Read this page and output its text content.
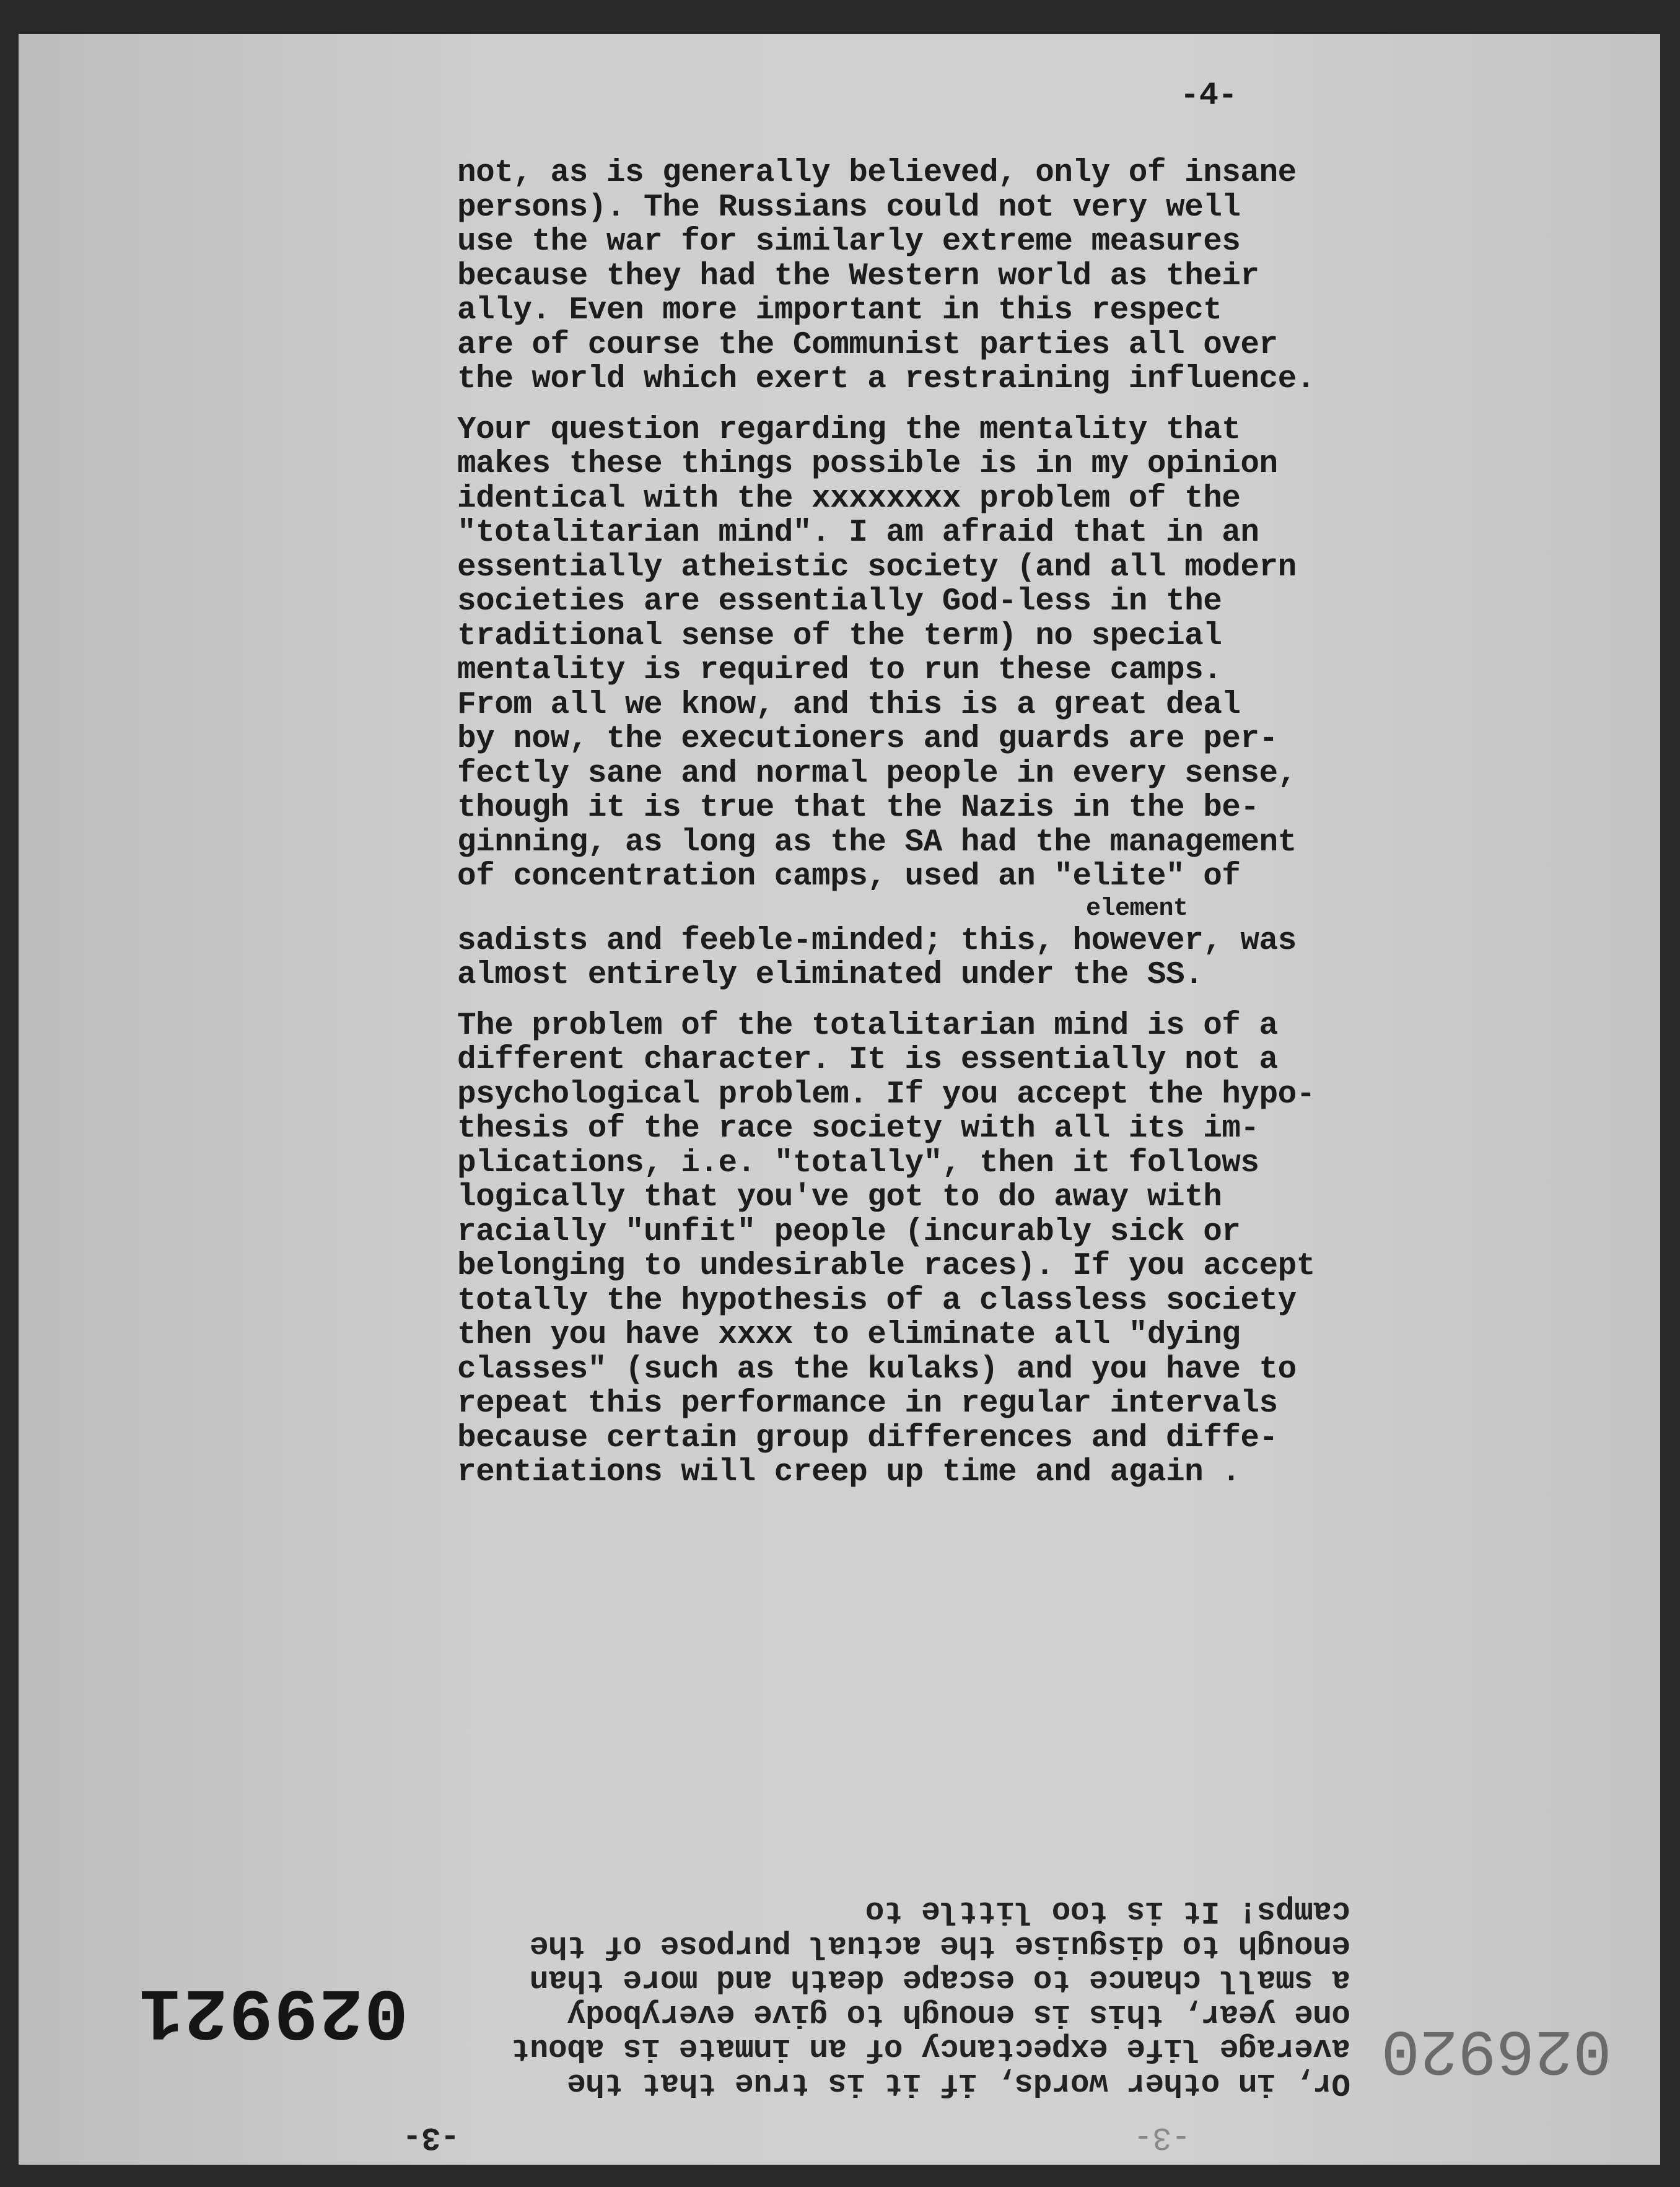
-4-
not, as is generally believed, only of insane
persons). The Russians could not very well
use the war for similarly extreme measures
because they had the Western world as their
ally. Even more important in this respect
are of course the Communist parties all over
the world which exert a restraining influence.
Your question regarding the mentality that
makes these things possible is in my opinion
identical with the xxxxxxxx problem of the
"totalitarian mind". I am afraid that in an
essentially atheistic society (and all modern
societies are essentially God-less in the
traditional sense of the term) no special
mentality is required to run these camps.
From all we know, and this is a great deal
by now, the executioners and guards are per-
fectly sane and normal people in every sense,
though it is true that the Nazis in the be-
ginning, as long as the SA had the management
of concentration camps, used an "elite" of
sadists and feeble-minded; this, however, was
element
almost entirely eliminated under the SS.
The problem of the totalitarian mind is of a
different character. It is essentially not a
psychological problem. If you accept the hypo-
thesis of the race society with all its im-
plications, i.e. "totally", then it follows
logically that you've got to do away with
racially "unfit" people (incurably sick or
belonging to undesirable races). If you accept
totally the hypothesis of a classless society
then you have xxxx to eliminate all "dying
classes" (such as the kulaks) and you have to
repeat this performance in regular intervals
because certain group differences and diffe-
rentiations will creep up time and again .
Or, in other words, if it is true that the
average life expectancy of an inmate is about
one year, this is enough to give everybody
a small chance to escape death and more than
enough to disguise the actual purpose of the
camps! It is too little to
-3-
029921	026920
-3-
